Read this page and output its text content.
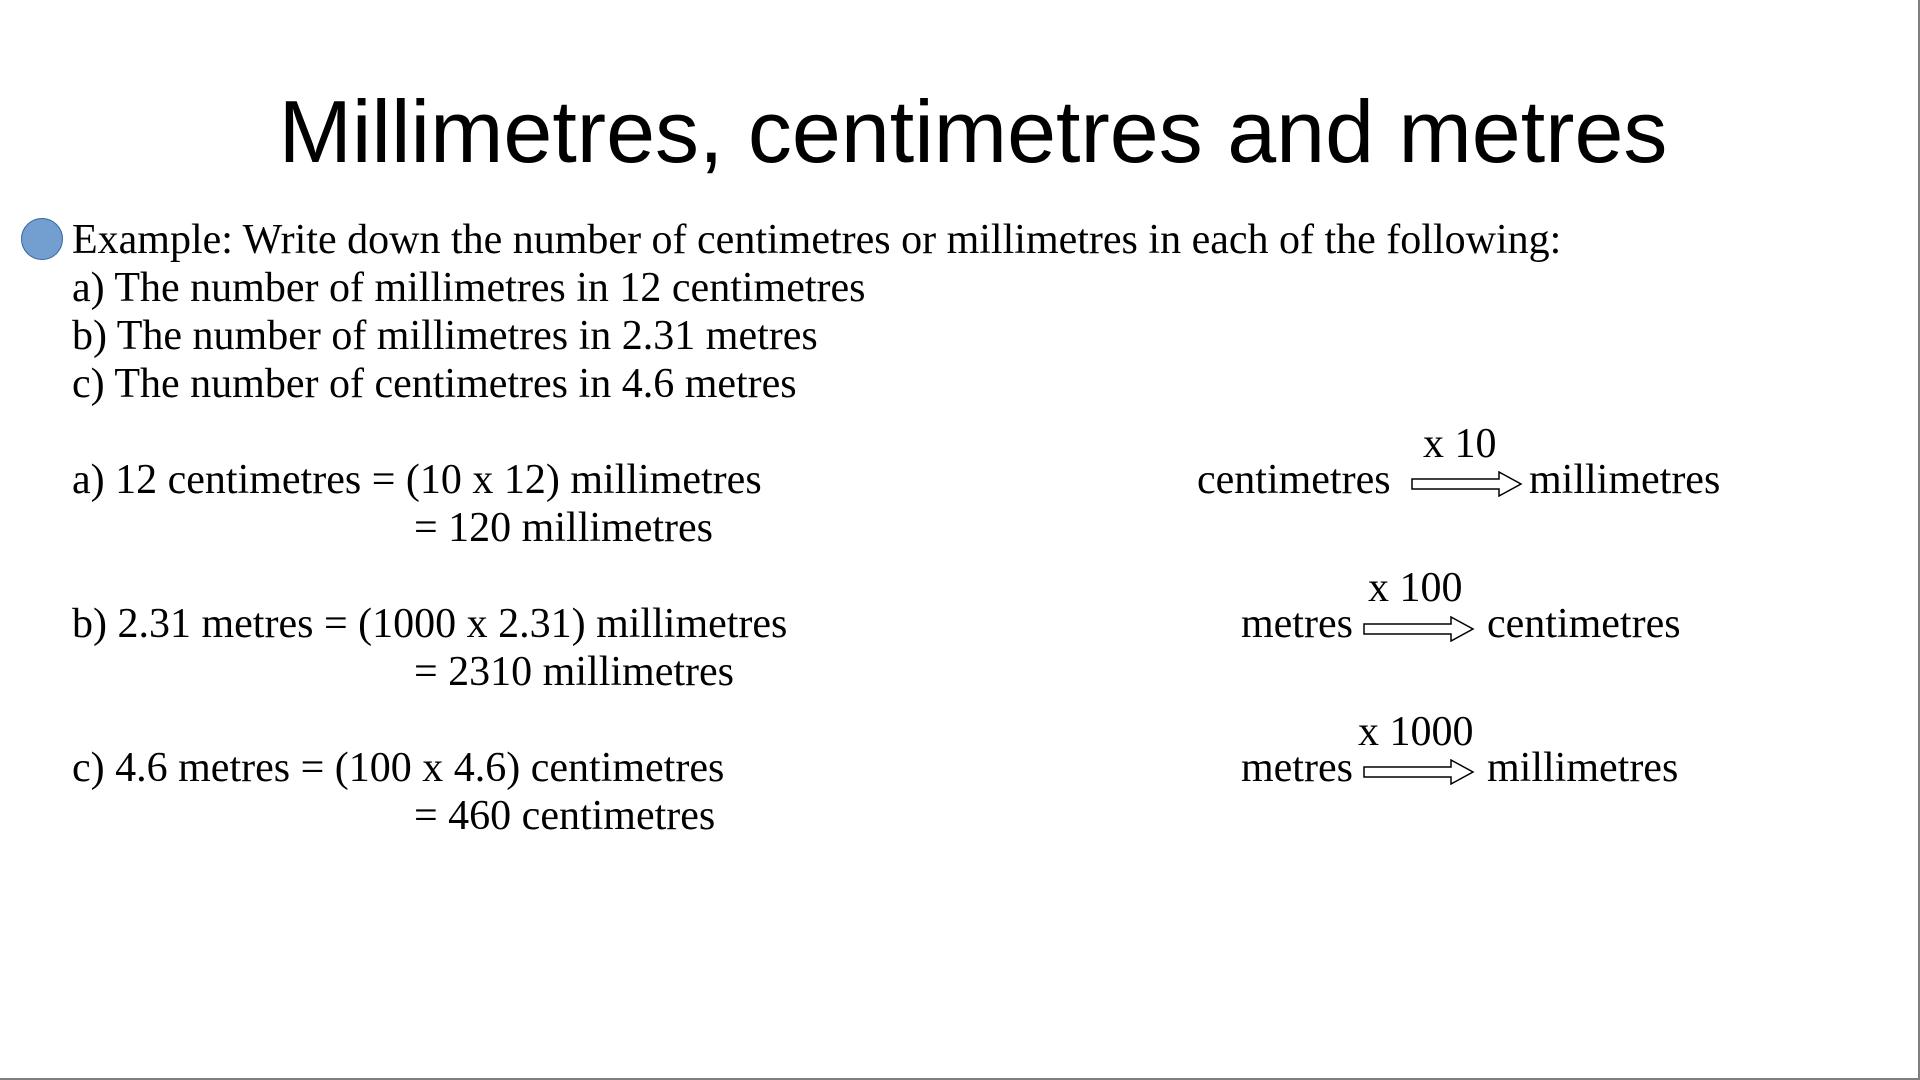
Millimetres, centimetres and metres
Example: Write down the number of centimetres or millimetres in each of the following:
a) The number of millimetres in 12 centimetres
b) The number of millimetres in 2.31 metres
c) The number of centimetres in 4.6 metres
a) 12 centimetres = (10 x 12) millimetres
= 120 millimetres
b) 2.31 metres = (1000 x 2.31) millimetres
= 2310 millimetres
c) 4.6 metres = (100 x 4.6) centimetres
= 460 centimetres
x 10
centimetres	millimetres
x 100
metres	centimetres
x 1000
metres	millimetres
